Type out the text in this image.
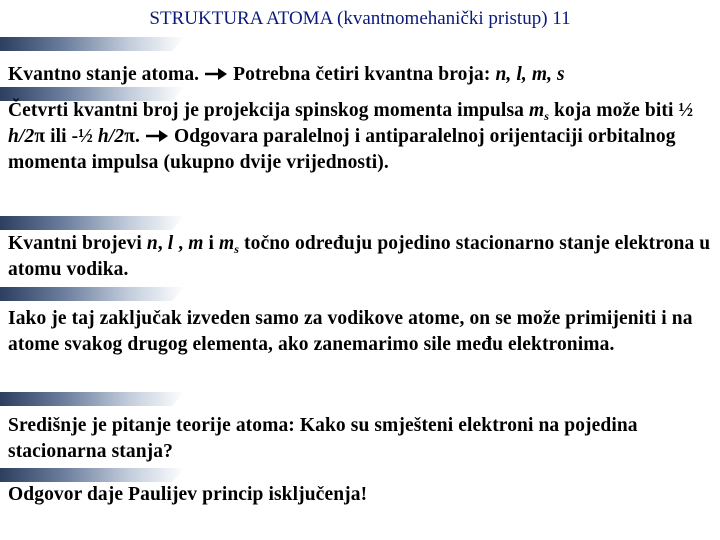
STRUKTURA ATOMA (kvantnomehanički pristup) 11
Kvantno stanje atoma.  Potrebna četiri kvantna broja: n, l, m, s
Četvrti kvantni broj je projekcija spinskog momenta impulsa $m_s$ koja može biti ½ h/2π ili -½ h/2π.  Odgovara paralelnoj i antiparalelnoj orijentaciji orbitalnog momenta impulsa (ukupno dvije vrijednosti).
Kvantni brojevi n, l , m i $m_s$ točno određuju pojedino stacionarno stanje elektrona u atomu vodika.
Iako je taj zaključak izveden samo za vodikove atome, on se može primijeniti i na atome svakog drugog elementa, ako zanemarimo sile među elektronima.
Središnje je pitanje teorije atoma: Kako su smješteni elektroni na pojedina stacionarna stanja?
Odgovor daje Paulijev princip isključenja!
